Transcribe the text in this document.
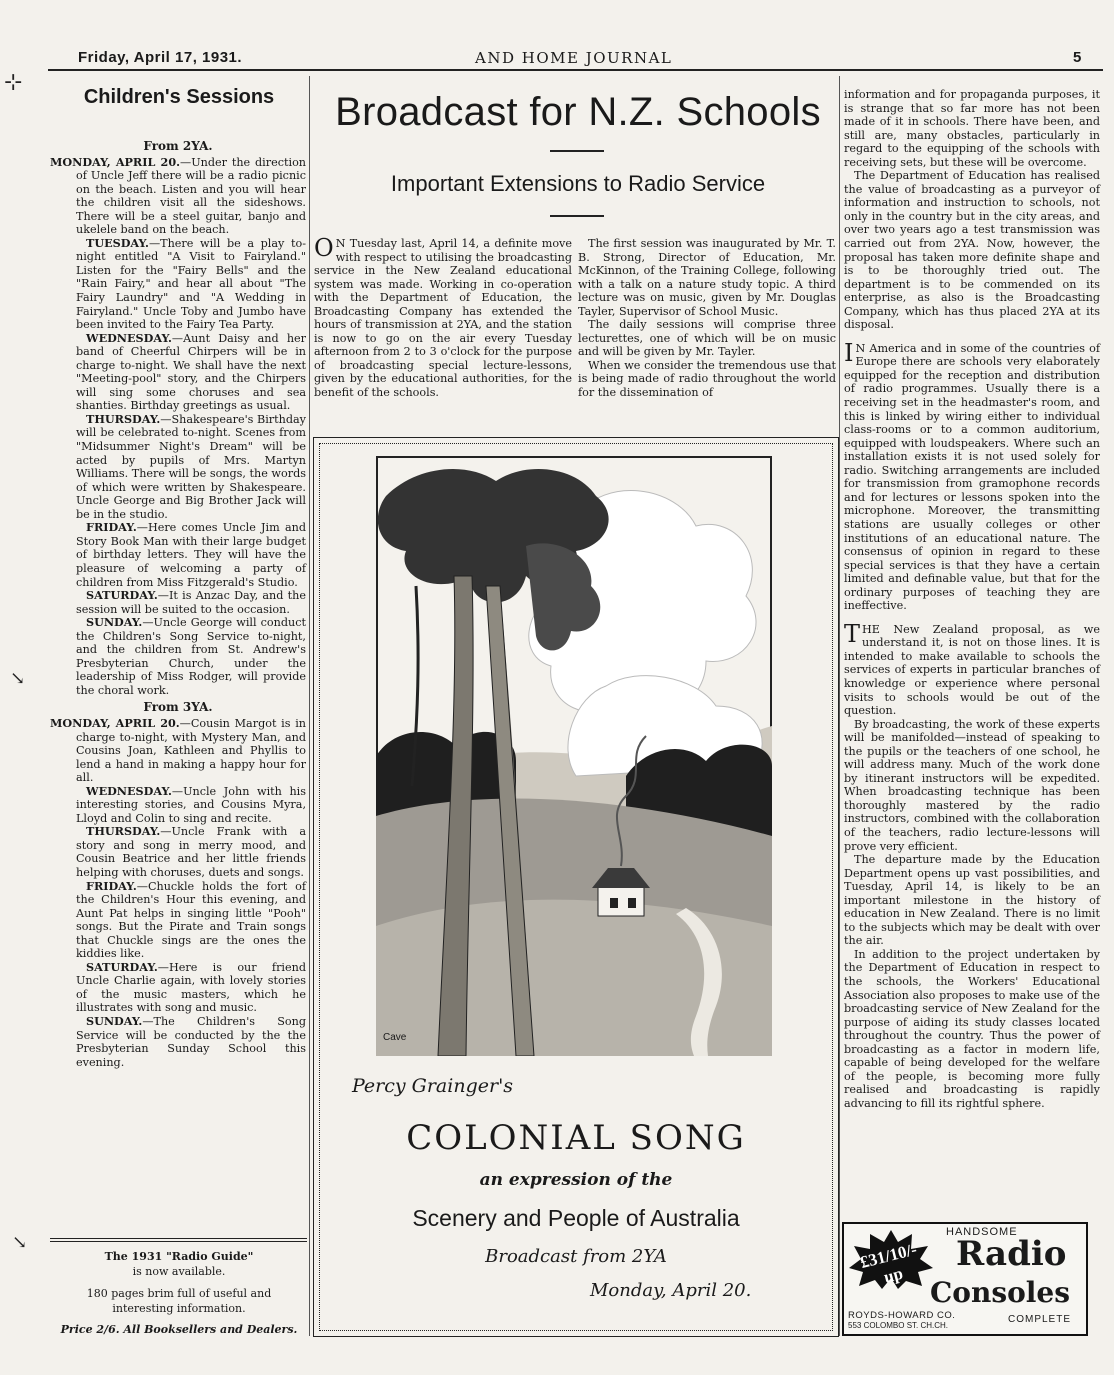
Friday, April 17, 1931.	AND HOME JOURNAL	5
⊹
↘
↘
Children's Sessions
From 2YA.

MONDAY, APRIL 20.—Under the direction of Uncle Jeff there will be a radio picnic on the beach. Listen and you will hear the children visit all the sideshows. There will be a steel guitar, banjo and ukelele band on the beach.

TUESDAY.—There will be a play to-night entitled "A Visit to Fairyland." Listen for the "Fairy Bells" and the "Rain Fairy," and hear all about "The Fairy Laundry" and "A Wedding in Fairyland." Uncle Toby and Jumbo have been invited to the Fairy Tea Party.

WEDNESDAY.—Aunt Daisy and her band of Cheerful Chirpers will be in charge to-night. We shall have the next "Meeting-pool" story, and the Chirpers will sing some choruses and sea shanties. Birthday greetings as usual.

THURSDAY.—Shakespeare's Birthday will be celebrated to-night. Scenes from "Midsummer Night's Dream" will be acted by pupils of Mrs. Martyn Williams. There will be songs, the words of which were written by Shakespeare. Uncle George and Big Brother Jack will be in the studio.

FRIDAY.—Here comes Uncle Jim and Story Book Man with their large budget of birthday letters. They will have the pleasure of welcoming a party of children from Miss Fitzgerald's Studio.

SATURDAY.—It is Anzac Day, and the session will be suited to the occasion.

SUNDAY.—Uncle George will conduct the Children's Song Service to-night, and the children from St. Andrew's Presbyterian Church, under the leadership of Miss Rodger, will provide the choral work.

From 3YA.

MONDAY, APRIL 20.—Cousin Margot is in charge to-night, with Mystery Man, and Cousins Joan, Kathleen and Phyllis to lend a hand in making a happy hour for all.

WEDNESDAY.—Uncle John with his interesting stories, and Cousins Myra, Lloyd and Colin to sing and recite.

THURSDAY.—Uncle Frank with a story and song in merry mood, and Cousin Beatrice and her little friends helping with choruses, duets and songs.

FRIDAY.—Chuckle holds the fort of the Children's Hour this evening, and Aunt Pat helps in singing little "Pooh" songs. But the Pirate and Train songs that Chuckle sings are the ones the kiddies like.

SATURDAY.—Here is our friend Uncle Charlie again, with lovely stories of the music masters, which he illustrates with song and music.

SUNDAY.—The Children's Song Service will be conducted by the the Presbyterian Sunday School this evening.

The 1931 "Radio Guide"
is now available.
180 pages brim full of useful and
interesting information.
Price 2/6. All Booksellers and Dealers.
Broadcast for N.Z. Schools
Important Extensions to Radio Service

O N Tuesday last, April 14, a definite move with respect to utilising the broadcasting service in the New Zealand educational system was made. Working in co-operation with the Department of Education, the Broadcasting Company has extended the hours of transmission at 2YA, and the station is now to go on the air every Tuesday afternoon from 2 to 3 o'clock for the purpose of broadcasting special lecture-lessons, given by the educational authorities, for the benefit of the schools.

The first session was inaugurated by Mr. T. B. Strong, Director of Education, Mr. McKinnon, of the Training College, following with a talk on a nature study topic. A third lecture was on music, given by Mr. Douglas Tayler, Supervisor of School Music.

The daily sessions will comprise three lecturettes, one of which will be on music and will be given by Mr. Tayler.

When we consider the tremendous use that is being made of radio throughout the world for the dissemination of

Cave
Percy Grainger's
COLONIAL SONG
an expression of the
Scenery and People of Australia
Broadcast from 2YA
Monday, April 20.

information and for propaganda purposes, it is strange that so far more has not been made of it in schools. There have been, and still are, many obstacles, particularly in regard to the equipping of the schools with receiving sets, but these will be overcome.

The Department of Education has realised the value of broadcasting as a purveyor of information and instruction to schools, not only in the country but in the city areas, and over two years ago a test transmission was carried out from 2YA. Now, however, the proposal has taken more definite shape and is to be thoroughly tried out. The department is to be commended on its enterprise, as also is the Broadcasting Company, which has thus placed 2YA at its disposal.

I N America and in some of the countries of Europe there are schools very elaborately equipped for the reception and distribution of radio programmes. Usually there is a receiving set in the headmaster's room, and this is linked by wiring either to individual class-rooms or to a common auditorium, equipped with loudspeakers. Where such an installation exists it is not used solely for radio. Switching arrangements are included for transmission from gramophone records and for lectures or lessons spoken into the microphone. Moreover, the transmitting stations are usually colleges or other institutions of an educational nature. The consensus of opinion in regard to these special services is that they have a certain limited and definable value, but that for the ordinary purposes of teaching they are ineffective.

THE New Zealand proposal, as we understand it, is not on those lines. It is intended to make available to schools the services of experts in particular branches of knowledge or experience where personal visits to schools would be out of the question.

By broadcasting, the work of these experts will be manifolded—instead of speaking to the pupils or the teachers of one school, he will address many. Much of the work done by itinerant instructors will be expedited. When broadcasting technique has been thoroughly mastered by the radio instructors, combined with the collaboration of the teachers, radio lecture-lessons will prove very efficient.

The departure made by the Education Department opens up vast possibilities, and Tuesday, April 14, is likely to be an important milestone in the history of education in New Zealand. There is no limit to the subjects which may be dealt with over the air.

In addition to the project undertaken by the Department of Education in respect to the schools, the Workers' Educational Association also proposes to make use of the broadcasting service of New Zealand for the purpose of aiding its study classes located throughout the country. Thus the power of broadcasting as a factor in modern life, capable of being developed for the welfare of the people, is becoming more fully realised and broadcasting is rapidly advancing to fill its rightful sphere.

£31/10/- up
HANDSOME
Radio
Consoles
ROYDS-HOWARD CO.
553 COLOMBO ST. CH.CH.
COMPLETE
